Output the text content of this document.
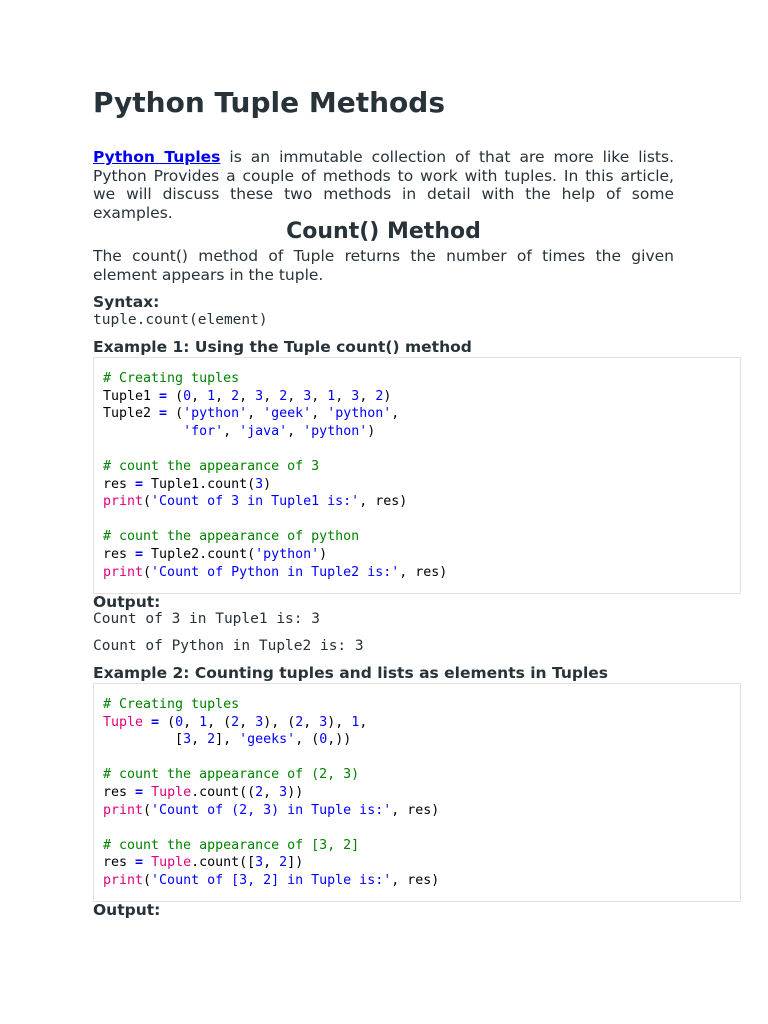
Python Tuple Methods

Python Tuples is an immutable collection of that are more like lists. Python Provides a couple of methods to work with tuples. In this article, we will discuss these two methods in detail with the help of some examples.

Count() Method

The count() method of Tuple returns the number of times the given element appears in the tuple.

Syntax:

tuple.count(element)

Example 1: Using the Tuple count() method

# Creating tuples
Tuple1 = (0, 1, 2, 3, 2, 3, 1, 3, 2)
Tuple2 = ('python', 'geek', 'python',
'for', 'java', 'python')

# count the appearance of 3
res = Tuple1.count(3)
print('Count of 3 in Tuple1 is:', res)

# count the appearance of python
res = Tuple2.count('python')
print('Count of Python in Tuple2 is:', res)

Output:

Count of 3 in Tuple1 is: 3

Count of Python in Tuple2 is: 3

Example 2: Counting tuples and lists as elements in Tuples

# Creating tuples
Tuple = (0, 1, (2, 3), (2, 3), 1,
[3, 2], 'geeks', (0,))

# count the appearance of (2, 3)
res = Tuple.count((2, 3))
print('Count of (2, 3) in Tuple is:', res)

# count the appearance of [3, 2]
res = Tuple.count([3, 2])
print('Count of [3, 2] in Tuple is:', res)

Output:
